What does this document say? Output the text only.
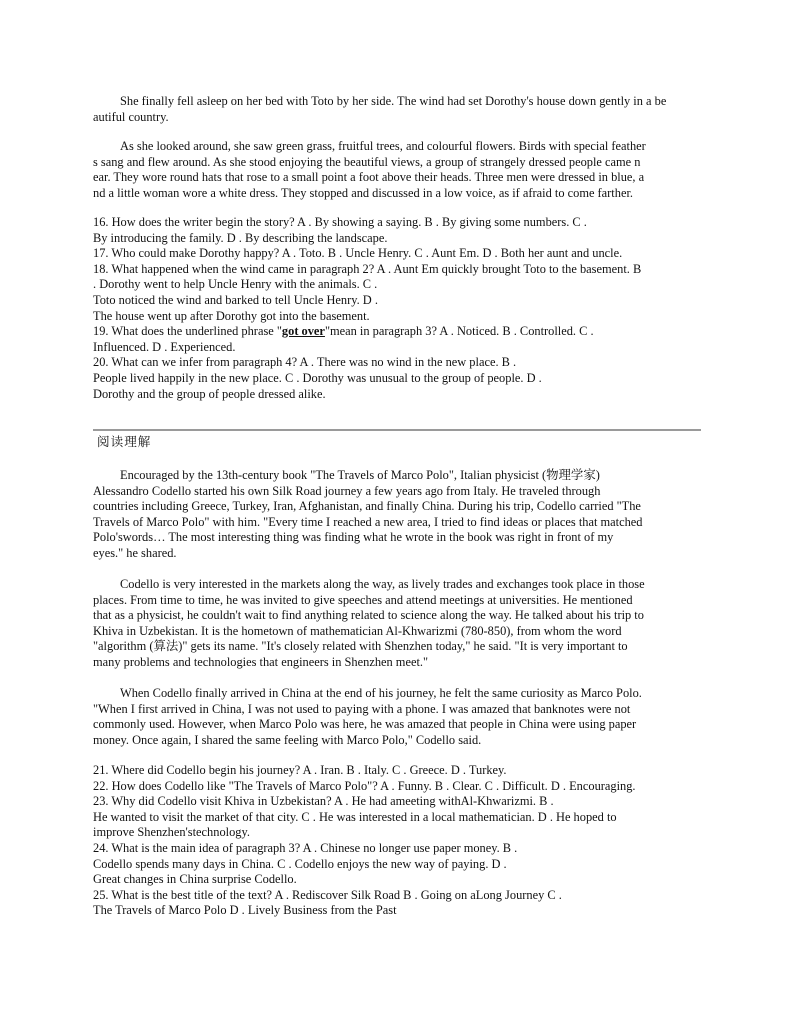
She finally fell asleep on her bed with Toto by her side. The wind had set Dorothy's house down gently in a be
autiful country.
As she looked around, she saw green grass, fruitful trees, and colourful flowers. Birds with special feather
s sang and flew around. As she stood enjoying the beautiful views, a group of strangely dressed people came n
ear. They wore round hats that rose to a small point a foot above their heads. Three men were dressed in blue, a
nd a little woman wore a white dress. They stopped and discussed in a low voice, as if afraid to come farther.
16. How does the writer begin the story? A . By showing a saying. B . By giving some numbers. C .
By introducing the family. D . By describing the landscape.
17. Who could make Dorothy happy? A . Toto. B . Uncle Henry. C . Aunt Em. D . Both her aunt and uncle.
18. What happened when the wind came in paragraph 2? A . Aunt Em quickly brought Toto to the basement. B
. Dorothy went to help Uncle Henry with the animals. C .
Toto noticed the wind and barked to tell Uncle Henry. D .
The house went up after Dorothy got into the basement.
19. What does the underlined phrase "got over"mean in paragraph 3? A . Noticed. B . Controlled. C .
Influenced. D . Experienced.
20. What can we infer from paragraph 4? A . There was no wind in the new place. B .
People lived happily in the new place. C . Dorothy was unusual to the group of people. D .
Dorothy and the group of people dressed alike.
阅读理解
Encouraged by the 13th-century book "The Travels of Marco Polo", Italian physicist (物理学家)
Alessandro Codello started his own Silk Road journey a few years ago from Italy. He traveled through
countries including Greece, Turkey, Iran, Afghanistan, and finally China. During his trip, Codello carried "The
Travels of Marco Polo" with him. "Every time I reached a new area, I tried to find ideas or places that matched
Polo'swords… The most interesting thing was finding what he wrote in the book was right in front of my
eyes." he shared.
Codello is very interested in the markets along the way, as lively trades and exchanges took place in those
places. From time to time, he was invited to give speeches and attend meetings at universities. He mentioned
that as a physicist, he couldn't wait to find anything related to science along the way. He talked about his trip to
Khiva in Uzbekistan. It is the hometown of mathematician Al-Khwarizmi (780-850), from whom the word
"algorithm (算法)" gets its name. "It's closely related with Shenzhen today," he said. "It is very important to
many problems and technologies that engineers in Shenzhen meet."
When Codello finally arrived in China at the end of his journey, he felt the same curiosity as Marco Polo.
"When I first arrived in China, I was not used to paying with a phone. I was amazed that banknotes were not
commonly used. However, when Marco Polo was here, he was amazed that people in China were using paper
money. Once again, I shared the same feeling with Marco Polo," Codello said.
21. Where did Codello begin his journey? A . Iran. B . Italy. C . Greece. D . Turkey.
22. How does Codello like "The Travels of Marco Polo"? A . Funny. B . Clear. C . Difficult. D . Encouraging.
23. Why did Codello visit Khiva in Uzbekistan? A . He had ameeting withAl-Khwarizmi. B .
He wanted to visit the market of that city. C . He was interested in a local mathematician. D . He hoped to
improve Shenzhen'stechnology.
24. What is the main idea of paragraph 3? A . Chinese no longer use paper money. B .
Codello spends many days in China. C . Codello enjoys the new way of paying. D .
Great changes in China surprise Codello.
25. What is the best title of the text? A . Rediscover Silk Road B . Going on aLong Journey C .
The Travels of Marco Polo D . Lively Business from the Past
